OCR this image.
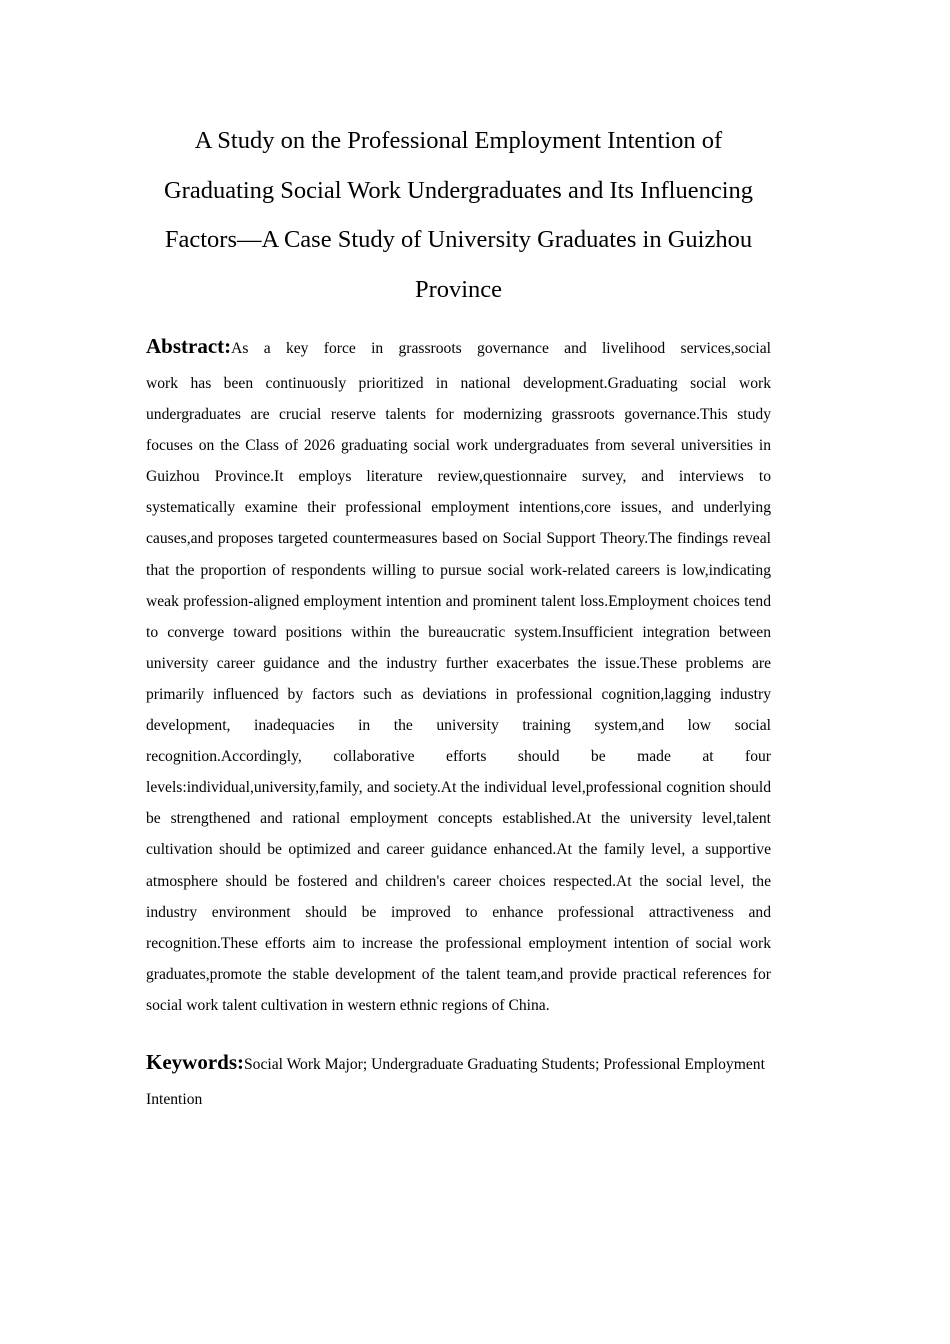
A Study on the Professional Employment Intention of Graduating Social Work Undergraduates and Its Influencing Factors—A Case Study of University Graduates in Guizhou Province

Abstract:As a key force in grassroots governance and livelihood services,social

work has been continuously prioritized in national development.Graduating social work undergraduates are crucial reserve talents for modernizing grassroots governance.This study focuses on the Class of 2026 graduating social work undergraduates from several universities in Guizhou Province.It employs literature review,questionnaire survey, and interviews to systematically examine their professional employment intentions,core issues, and underlying causes,and proposes targeted countermeasures based on Social Support Theory.The findings reveal that the proportion of respondents willing to pursue social work-related careers is low,indicating weak profession-aligned employment intention and prominent talent loss.Employment choices tend to converge toward positions within the bureaucratic system.Insufficient integration between university career guidance and the industry further exacerbates the issue.These problems are primarily influenced by factors such as deviations in professional cognition,lagging industry development, inadequacies in the university training system,and low social recognition.Accordingly, collaborative efforts should be made at four levels:individual,university,family, and society.At the individual level,professional cognition should be strengthened and rational employment concepts established.At the university level,talent cultivation should be optimized and career guidance enhanced.At the family level, a supportive atmosphere should be fostered and children's career choices respected.At the social level, the industry environment should be improved to enhance professional attractiveness and recognition.These efforts aim to increase the professional employment intention of social work graduates,promote the stable development of the talent team,and provide practical references for social work talent cultivation in western ethnic regions of China.

Keywords:Social Work Major; Undergraduate Graduating Students; Professional Employment Intention
